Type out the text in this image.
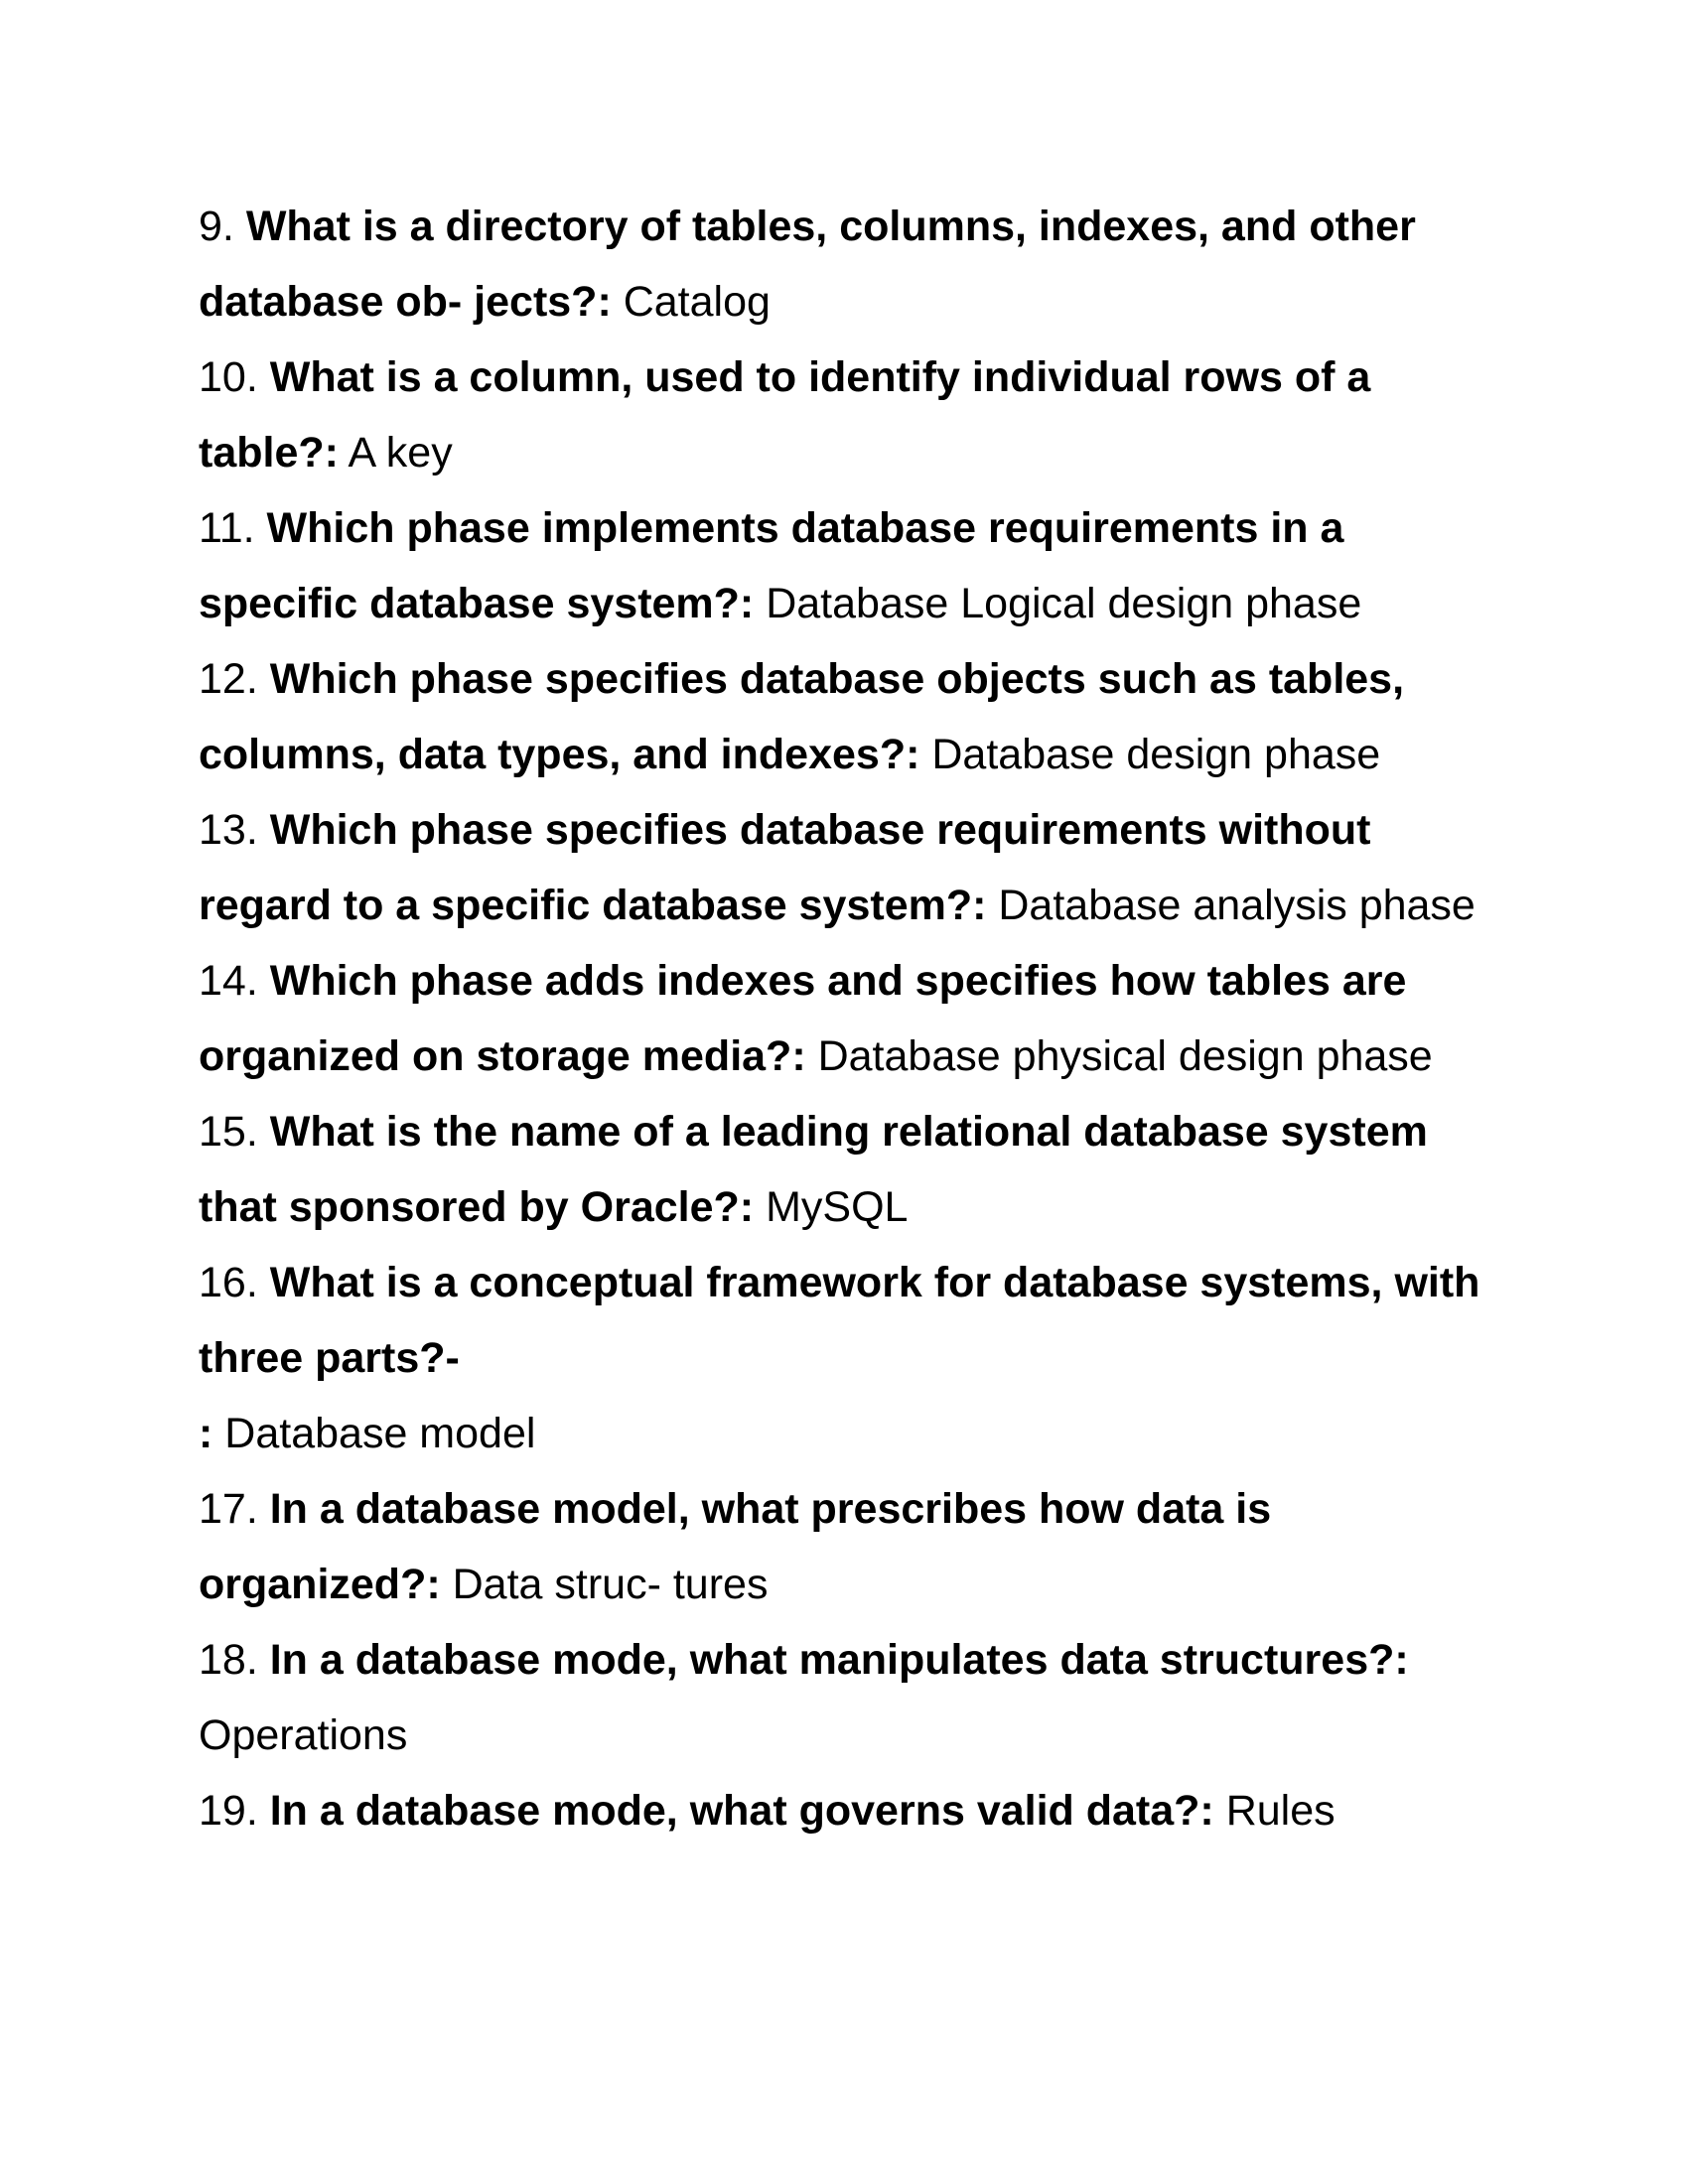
9. What is a directory of tables, columns, indexes, and other database ob- jects?: Catalog
10. What is a column, used to identify individual rows of a table?: A key
11. Which phase implements database requirements in a specific database system?: Database Logical design phase
12. Which phase specifies database objects such as tables, columns, data types, and indexes?: Database design phase
13. Which phase specifies database requirements without regard to a specific database system?: Database analysis phase
14. Which phase adds indexes and specifies how tables are organized on storage media?: Database physical design phase
15. What is the name of a leading relational database system that sponsored by Oracle?: MySQL
16. What is a conceptual framework for database systems, with three parts?-
: Database model
17. In a database model, what prescribes how data is organized?: Data struc- tures
18. In a database mode, what manipulates data structures?: Operations
19. In a database mode, what governs valid data?: Rules
